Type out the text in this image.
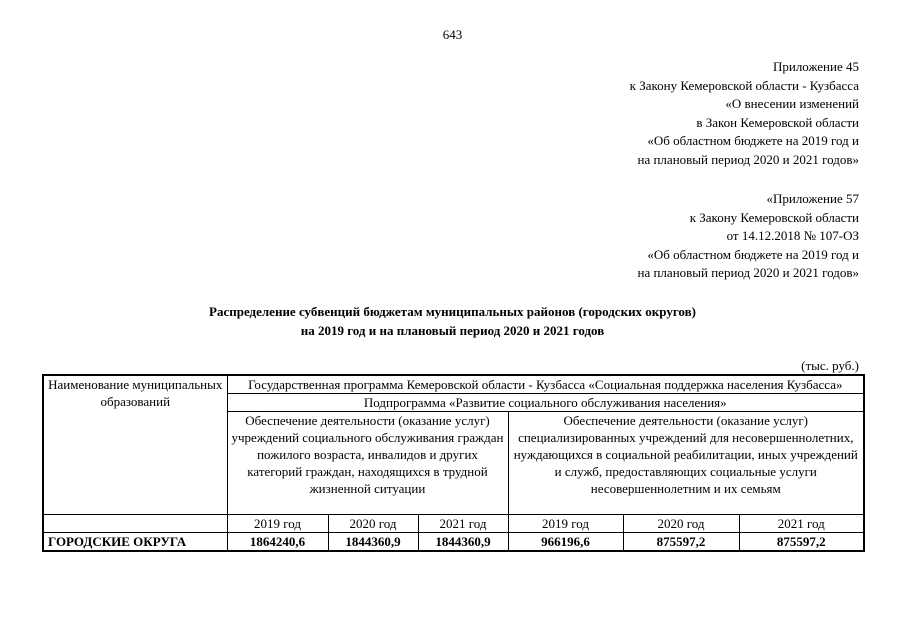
643
Приложение 45
к Закону Кемеровской области - Кузбасса
«О внесении изменений
в Закон Кемеровской области
«Об областном бюджете на 2019 год и
на плановый период 2020 и 2021 годов»
«Приложение 57
к Закону Кемеровской области
от 14.12.2018 № 107-ОЗ
«Об областном бюджете на 2019 год и
на плановый период 2020 и 2021 годов»
Распределение субвенций бюджетам муниципальных районов (городских округов)
на 2019 год и на плановый период 2020 и 2021 годов
(тыс. руб.)
Наименование муниципальных образований	Государственная программа Кемеровской области - Кузбасса «Социальная поддержка населения Кузбасса»					
	Подпрограмма «Развитие социального обслуживания населения»					
	Обеспечение деятельности (оказание услуг) учреждений социального обслуживания граждан пожилого возраста, инвалидов и других категорий граждан, находящихся в трудной жизненной ситуации			Обеспечение деятельности (оказание услуг) специализированных учреждений для несовершеннолетних, нуждающихся в социальной реабилитации, иных учреждений и служб, предоставляющих социальные услуги несовершеннолетним и их семьям		
	2019 год	2020 год	2021 год	2019 год	2020 год	2021 год
ГОРОДСКИЕ ОКРУГА	1864240,6	1844360,9	1844360,9	966196,6	875597,2	875597,2
